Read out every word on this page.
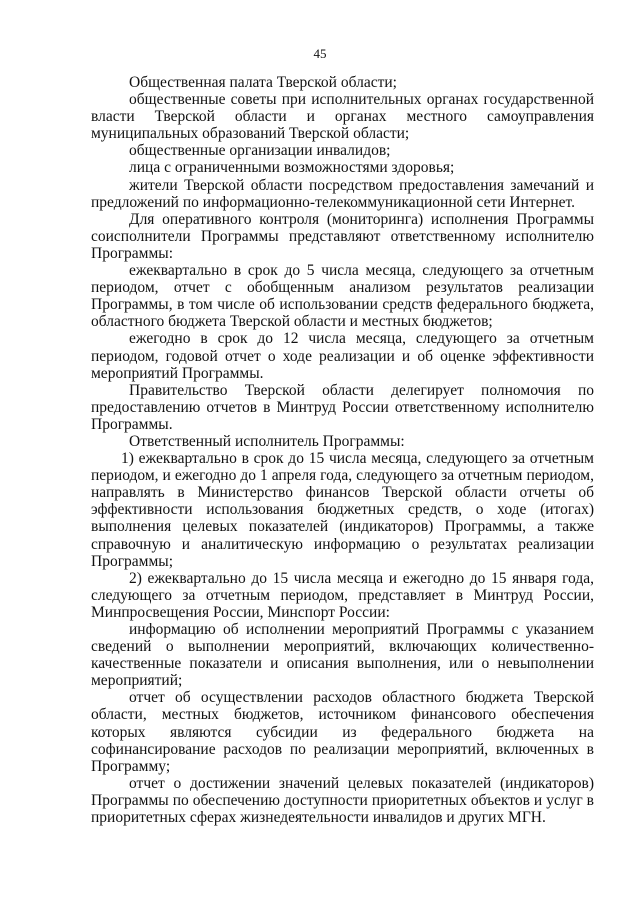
45

Общественная палата Тверской области;

общественные советы при исполнительных органах государственной власти Тверской области и органах местного самоуправления муниципальных образований Тверской области;

общественные организации инвалидов;

лица с ограниченными возможностями здоровья;

жители Тверской области посредством предоставления замечаний и предложений по информационно-телекоммуникационной сети Интернет.

Для оперативного контроля (мониторинга) исполнения Программы соисполнители Программы представляют ответственному исполнителю Программы:

ежеквартально в срок до 5 числа месяца, следующего за отчетным периодом, отчет с обобщенным анализом результатов реализации Программы, в том числе об использовании средств федерального бюджета, областного бюджета Тверской области и местных бюджетов;

ежегодно в срок до 12 числа месяца, следующего за отчетным периодом, годовой отчет о ходе реализации и об оценке эффективности мероприятий Программы.

Правительство Тверской области делегирует полномочия по предоставлению отчетов в Минтруд России ответственному исполнителю Программы.

Ответственный исполнитель Программы:

1) ежеквартально в срок до 15 числа месяца, следующего за отчетным периодом, и ежегодно до 1 апреля года, следующего за отчетным периодом, направлять в Министерство финансов Тверской области отчеты об эффективности использования бюджетных средств, о ходе (итогах) выполнения целевых показателей (индикаторов) Программы, а также справочную и аналитическую информацию о результатах реализации Программы;

2) ежеквартально до 15 числа месяца и ежегодно до 15 января года, следующего за отчетным периодом, представляет в Минтруд России, Минпросвещения России, Минспорт России:

информацию об исполнении мероприятий Программы с указанием сведений о выполнении мероприятий, включающих количественно-качественные показатели и описания выполнения, или о невыполнении мероприятий;

отчет об осуществлении расходов областного бюджета Тверской области, местных бюджетов, источником финансового обеспечения которых являются субсидии из федерального бюджета на софинансирование расходов по реализации мероприятий, включенных в Программу;

отчет о достижении значений целевых показателей (индикаторов) Программы по обеспечению доступности приоритетных объектов и услуг в приоритетных сферах жизнедеятельности инвалидов и других МГН.
